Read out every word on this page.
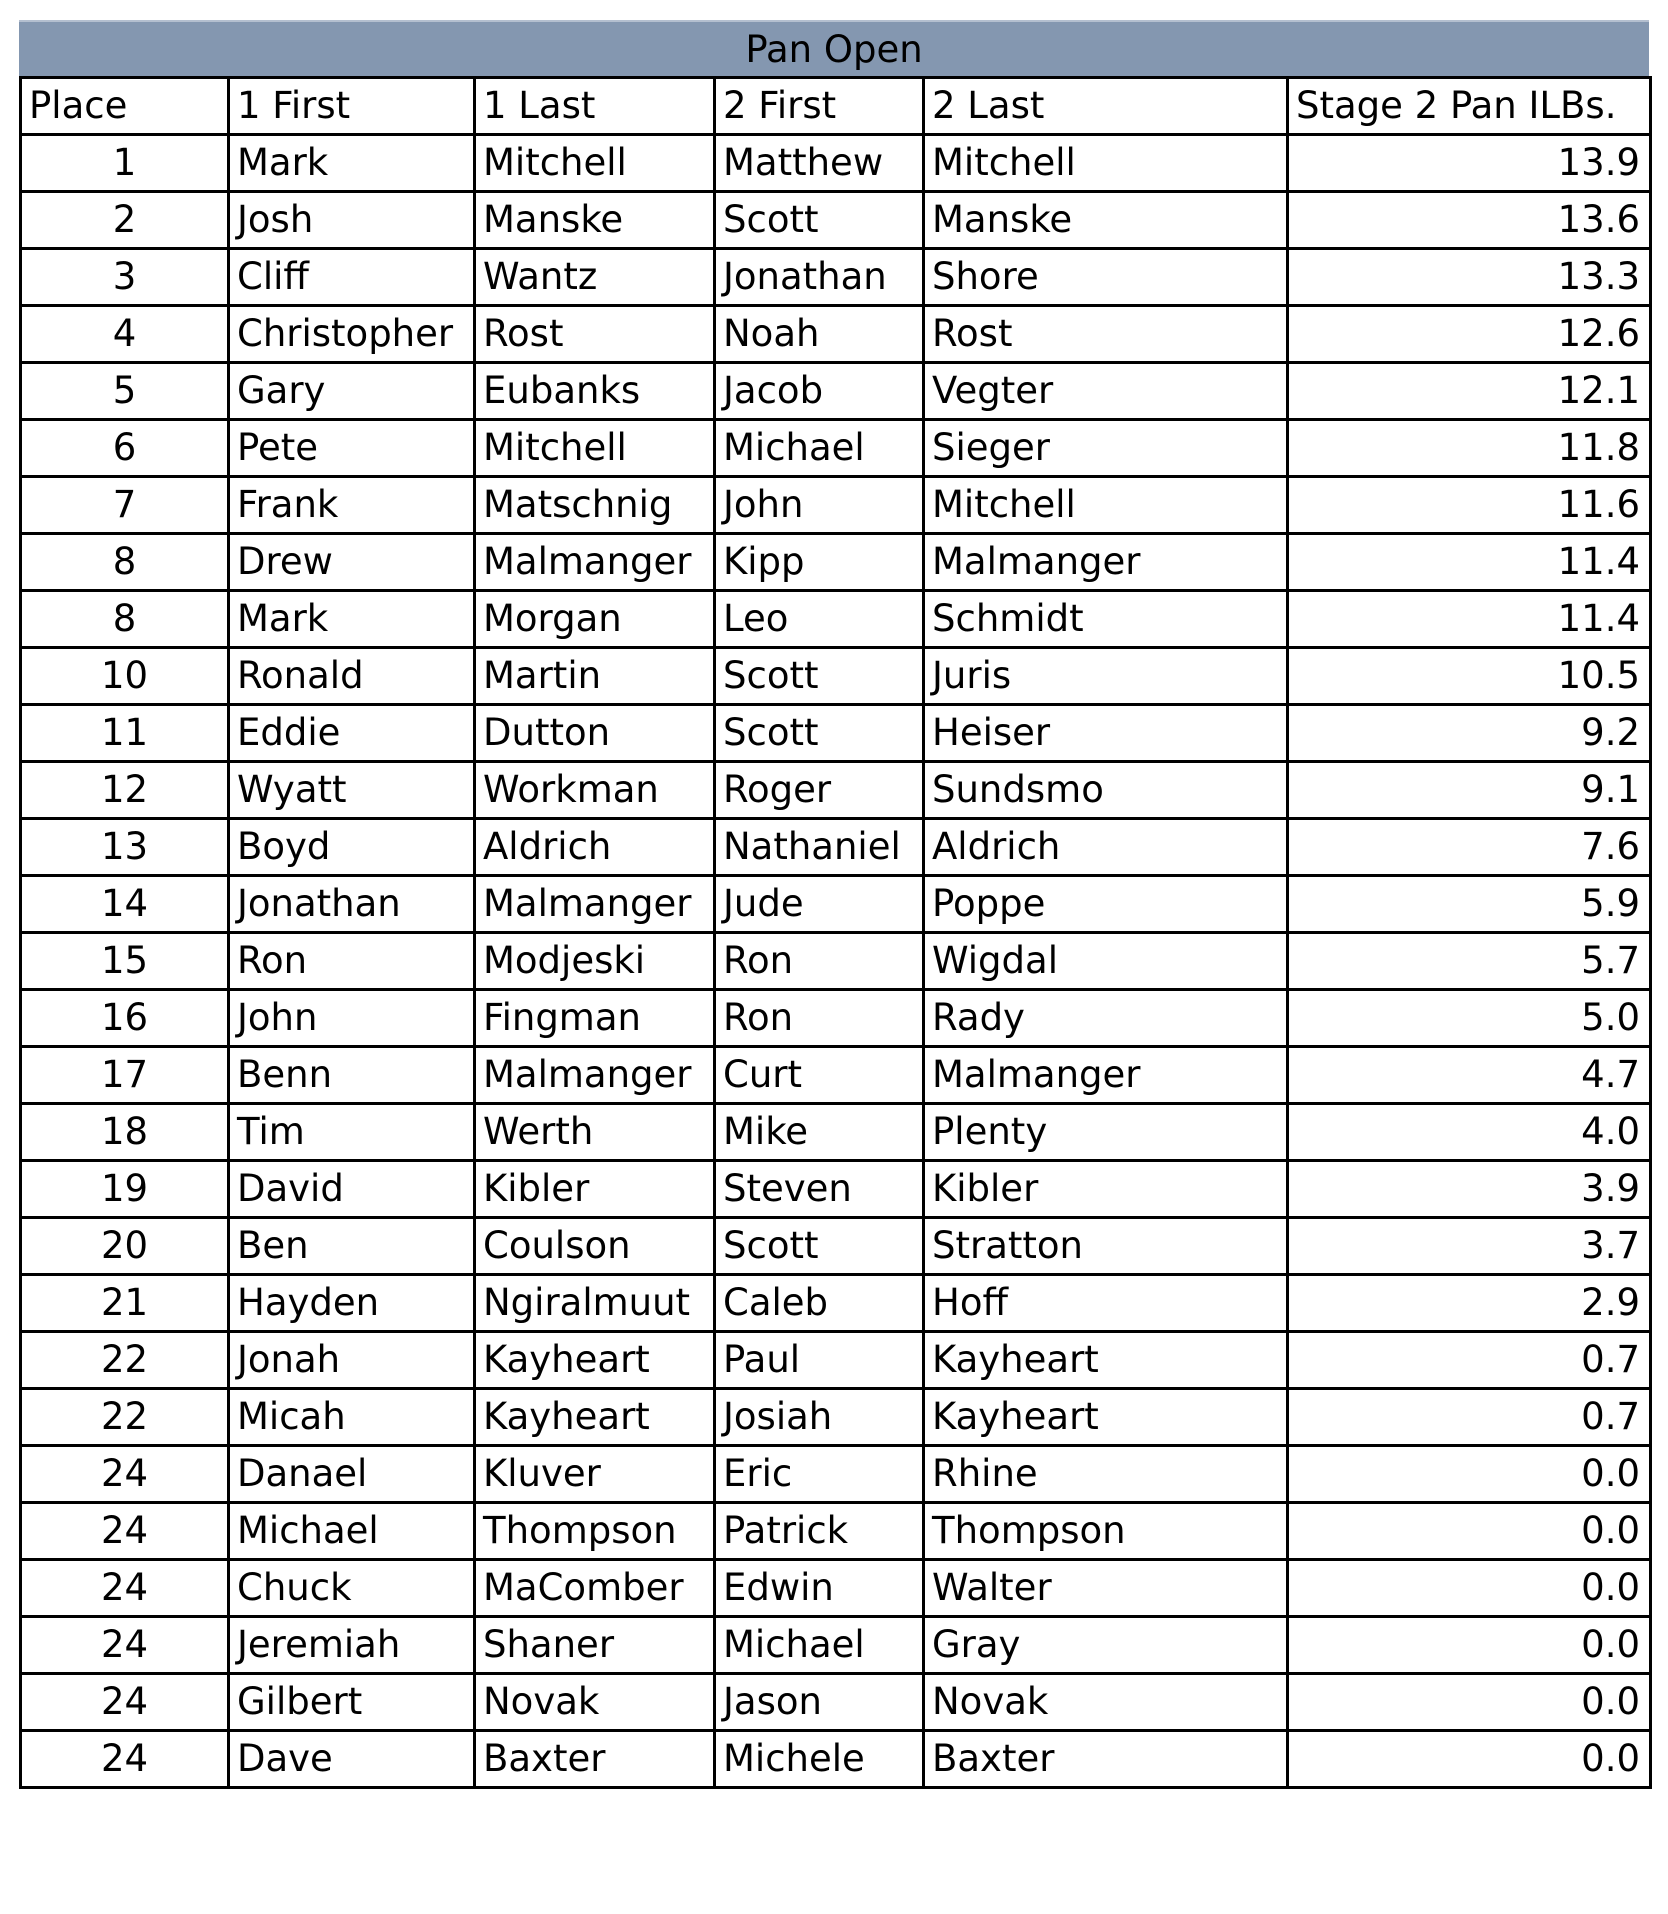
Pan Open
Place	1 First	1 Last	2 First	2 Last	Stage 2 Pan ILBs.
1	Mark	Mitchell	Matthew	Mitchell	13.9
2	Josh	Manske	Scott	Manske	13.6
3	Cliff	Wantz	Jonathan	Shore	13.3
4	Christopher	Rost	Noah	Rost	12.6
5	Gary	Eubanks	Jacob	Vegter	12.1
6	Pete	Mitchell	Michael	Sieger	11.8
7	Frank	Matschnig	John	Mitchell	11.6
8	Drew	Malmanger	Kipp	Malmanger	11.4
8	Mark	Morgan	Leo	Schmidt	11.4
10	Ronald	Martin	Scott	Juris	10.5
11	Eddie	Dutton	Scott	Heiser	9.2
12	Wyatt	Workman	Roger	Sundsmo	9.1
13	Boyd	Aldrich	Nathaniel	Aldrich	7.6
14	Jonathan	Malmanger	Jude	Poppe	5.9
15	Ron	Modjeski	Ron	Wigdal	5.7
16	John	Fingman	Ron	Rady	5.0
17	Benn	Malmanger	Curt	Malmanger	4.7
18	Tim	Werth	Mike	Plenty	4.0
19	David	Kibler	Steven	Kibler	3.9
20	Ben	Coulson	Scott	Stratton	3.7
21	Hayden	Ngiralmuut	Caleb	Hoff	2.9
22	Jonah	Kayheart	Paul	Kayheart	0.7
22	Micah	Kayheart	Josiah	Kayheart	0.7
24	Danael	Kluver	Eric	Rhine	0.0
24	Michael	Thompson	Patrick	Thompson	0.0
24	Chuck	MaComber	Edwin	Walter	0.0
24	Jeremiah	Shaner	Michael	Gray	0.0
24	Gilbert	Novak	Jason	Novak	0.0
24	Dave	Baxter	Michele	Baxter	0.0
